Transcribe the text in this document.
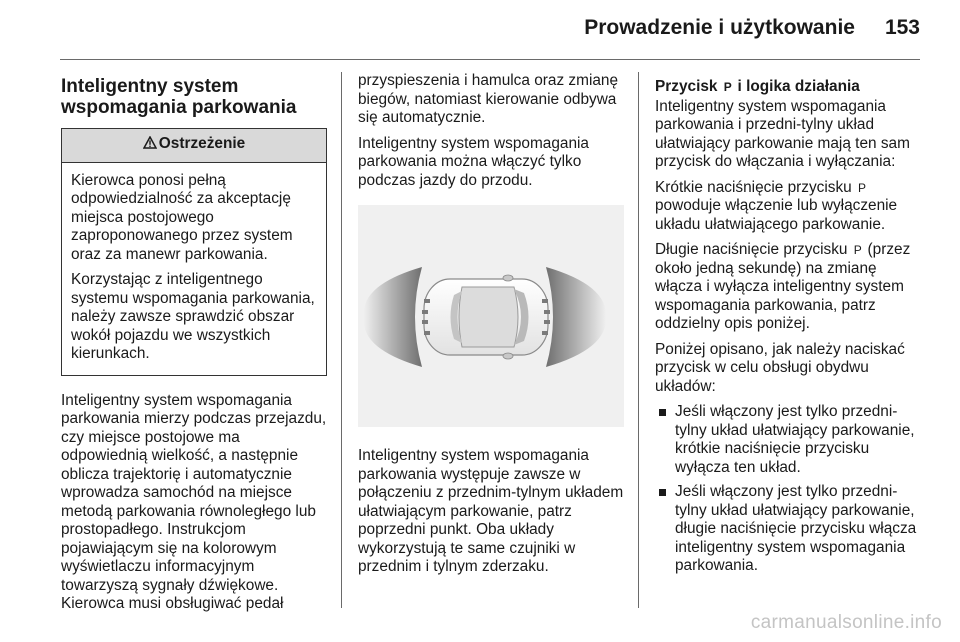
Prowadzenie i użytkowanie 153
Inteligentny system wspomagania parkowania
Ostrzeżenie

Kierowca ponosi pełną odpowiedzialność za akceptację miejsca postojowego zaproponowanego przez system oraz za manewr parkowania.

Korzystając z inteligentnego systemu wspomagania parkowania, należy zawsze sprawdzić obszar wokół pojazdu we wszystkich kierunkach.

Inteligentny system wspomagania parkowania mierzy podczas przejazdu, czy miejsce postojowe ma odpowiednią wielkość, a następnie oblicza trajektorię i automatycznie wprowadza samochód na miejsce metodą parkowania równoległego lub prostopadłego. Instrukcjom pojawiającym się na kolorowym wyświetlaczu informacyjnym towarzyszą sygnały dźwiękowe. Kierowca musi obsługiwać pedał

przyspieszenia i hamulca oraz zmianę biegów, natomiast kierowanie odbywa się automatycznie.

Inteligentny system wspomagania parkowania można włączyć tylko podczas jazdy do przodu.

Inteligentny system wspomagania parkowania występuje zawsze w połączeniu z przednim-tylnym układem ułatwiającym parkowanie, patrz poprzedni punkt. Oba układy wykorzystują te same czujniki w przednim i tylnym zderzaku.

Przycisk P i logika działania

Inteligentny system wspomagania parkowania i przedni-tylny układ ułatwiający parkowanie mają ten sam przycisk do włączania i wyłączania:

Krótkie naciśnięcie przycisku P powoduje włączenie lub wyłączenie układu ułatwiającego parkowanie.

Długie naciśnięcie przycisku P (przez około jedną sekundę) na zmianę włącza i wyłącza inteligentny system wspomagania parkowania, patrz oddzielny opis poniżej.

Poniżej opisano, jak należy naciskać przycisk w celu obsługi obydwu układów:

Jeśli włączony jest tylko przedni-tylny układ ułatwiający parkowanie, krótkie naciśnięcie przycisku wyłącza ten układ.
Jeśli włączony jest tylko przedni-tylny układ ułatwiający parkowanie, długie naciśnięcie przycisku włącza inteligentny system wspomagania parkowania.
carmanualsonline.info
